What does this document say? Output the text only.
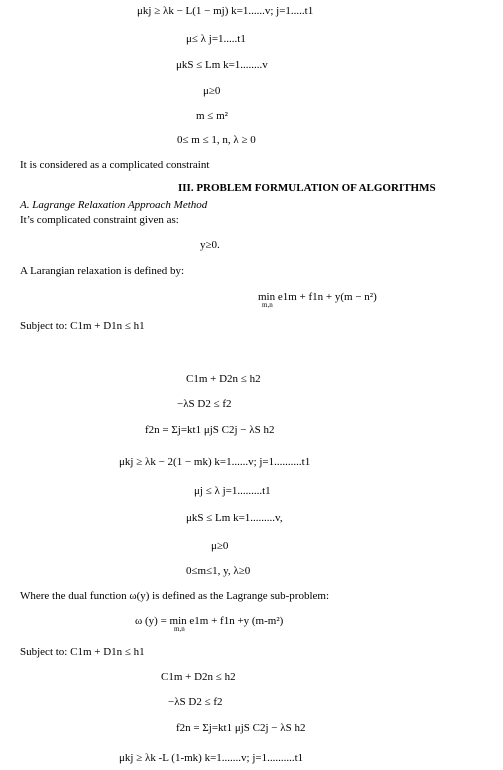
μkj ≥ λk − L(1 − mj) k=1......v; j=1.....t1
μ≤ λ j=1.....t1
μkS ≤ Lm k=1........v
μ≥0
m ≤ m²
0≤ m ≤ 1, n, λ ≥ 0
It is considered as a complicated constraint
III. PROBLEM FORMULATION OF ALGORITHMS
A. Lagrange Relaxation Approach Method
It’s complicated constraint given as:
y≥0.
A Larangian relaxation is defined by:
min e1m + f1n + y(m − n²)
m,n
Subject to: C1m + D1n ≤ h1
C1m + D2n ≤ h2
−λS D2 ≤ f2
f2n = Σj=kt1 μjS C2j − λS h2
μkj ≥ λk − 2(1 − mk) k=1......v; j=1..........t1
μj ≤ λ j=1.........t1
μkS ≤ Lm k=1.........v,
μ≥0
0≤m≤1, y, λ≥0
Where the dual function ω(y) is defined as the Lagrange sub-problem:
ω (y) = min e1m + f1n +y (m-m²)
m,n
Subject to: C1m + D1n ≤ h1
C1m + D2n ≤ h2
−λS D2 ≤ f2
f2n = Σj=kt1 μjS C2j − λS h2
μkj ≥ λk -L (1-mk) k=1.......v; j=1..........t1
